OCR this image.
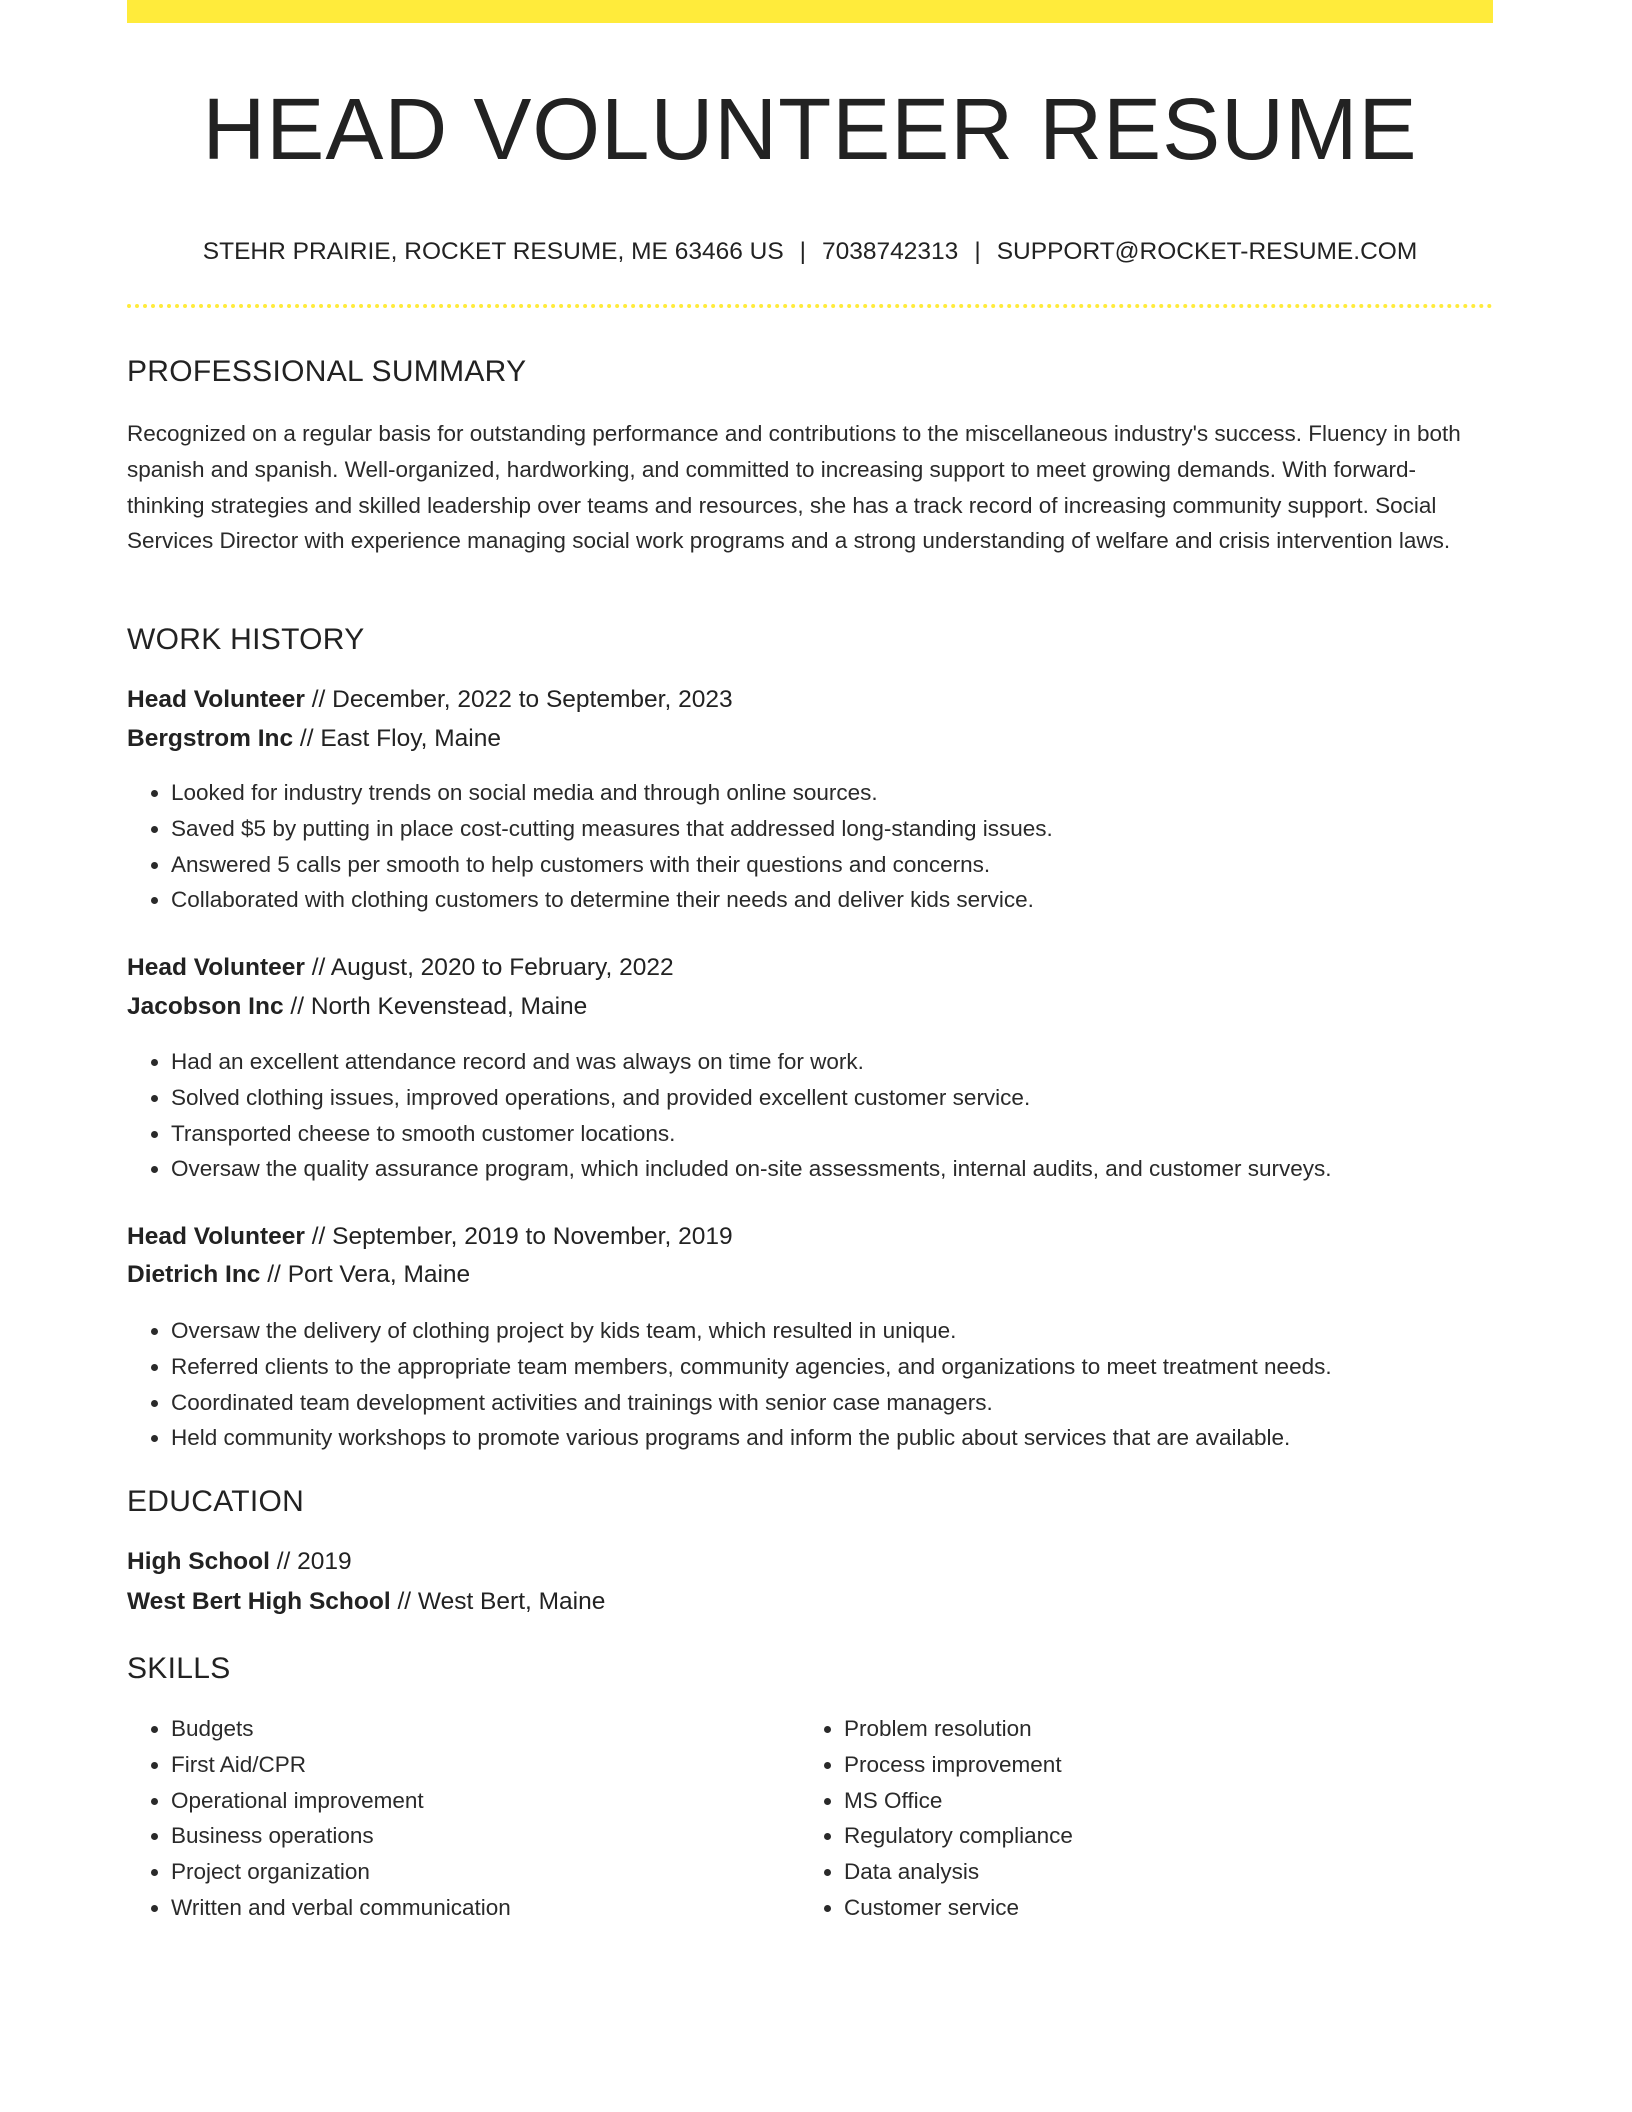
HEAD VOLUNTEER RESUME
STEHR PRAIRIE, ROCKET RESUME, ME 63466 US | 7038742313 | SUPPORT@ROCKET-RESUME.COM
PROFESSIONAL SUMMARY

Recognized on a regular basis for outstanding performance and contributions to the miscellaneous industry's success. Fluency in both spanish and spanish. Well-organized, hardworking, and committed to increasing support to meet growing demands. With forward-thinking strategies and skilled leadership over teams and resources, she has a track record of increasing community support. Social Services Director with experience managing social work programs and a strong understanding of welfare and crisis intervention laws.

WORK HISTORY
Head Volunteer // December, 2022 to September, 2023
Bergstrom Inc // East Floy, Maine
• Looked for industry trends on social media and through online sources.
• Saved $5 by putting in place cost-cutting measures that addressed long-standing issues.
• Answered 5 calls per smooth to help customers with their questions and concerns.
• Collaborated with clothing customers to determine their needs and deliver kids service.
Head Volunteer // August, 2020 to February, 2022
Jacobson Inc // North Kevenstead, Maine
• Had an excellent attendance record and was always on time for work.
• Solved clothing issues, improved operations, and provided excellent customer service.
• Transported cheese to smooth customer locations.
• Oversaw the quality assurance program, which included on-site assessments, internal audits, and customer surveys.
Head Volunteer // September, 2019 to November, 2019
Dietrich Inc // Port Vera, Maine
• Oversaw the delivery of clothing project by kids team, which resulted in unique.
• Referred clients to the appropriate team members, community agencies, and organizations to meet treatment needs.
• Coordinated team development activities and trainings with senior case managers.
• Held community workshops to promote various programs and inform the public about services that are available.
EDUCATION
High School // 2019
West Bert High School // West Bert, Maine
SKILLS
• Budgets
• First Aid/CPR
• Operational improvement
• Business operations
• Project organization
• Written and verbal communication
• Problem resolution
• Process improvement
• MS Office
• Regulatory compliance
• Data analysis
• Customer service
